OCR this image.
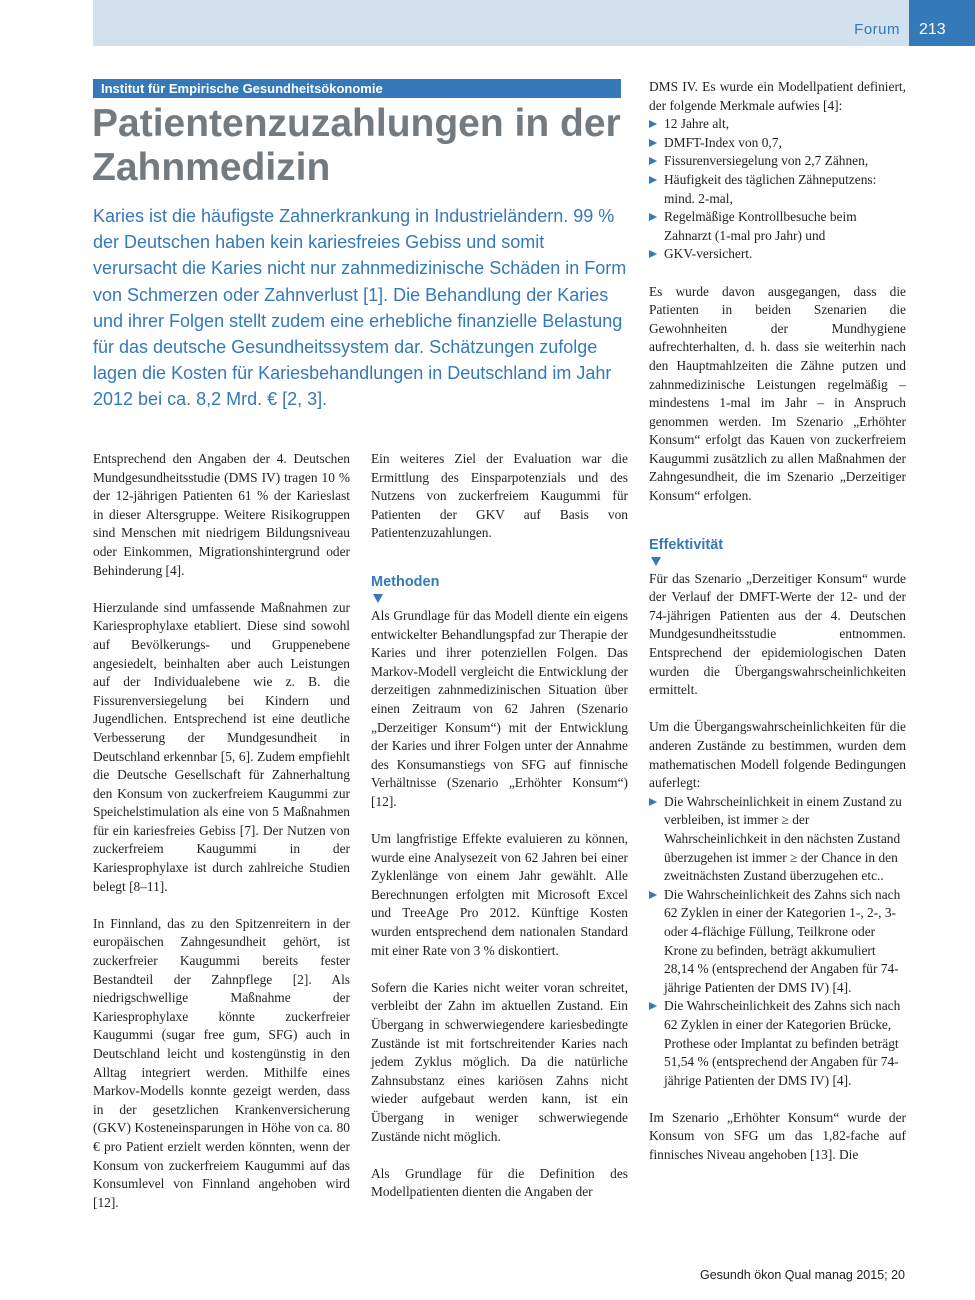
Forum	213
Institut für Empirische Gesundheitsökonomie
Patientenzuzahlungen in der
Zahnmedizin

Karies ist die häufigste Zahnerkrankung in Industrieländern. 99 % der Deutschen haben kein kariesfreies Gebiss und somit verursacht die Karies nicht nur zahnmedizinische Schäden in Form von Schmerzen oder Zahnverlust [1]. Die Behandlung der Karies und ihrer Folgen stellt zudem eine erhebliche finanzielle Belastung für das deutsche Gesundheitssystem dar. Schätzungen zufolge lagen die Kosten für Kariesbehandlungen in Deutschland im Jahr 2012 bei ca. 8,2 Mrd. € [2, 3].

Entsprechend den Angaben der 4. Deutschen Mundgesundheitsstudie (DMS IV) tragen 10 % der 12-jährigen Patienten 61 % der Karieslast in dieser Altersgruppe. Weitere Risikogruppen sind Menschen mit niedrigem Bildungsniveau oder Einkommen, Migrationshintergrund oder Behinderung [4].

Hierzulande sind umfassende Maßnahmen zur Kariesprophylaxe etabliert. Diese sind sowohl auf Bevölkerungs- und Gruppenebene angesiedelt, beinhalten aber auch Leistungen auf der Individualebene wie z. B. die Fissurenversiegelung bei Kindern und Jugendlichen. Entsprechend ist eine deutliche Verbesserung der Mundgesundheit in Deutschland erkennbar [5, 6]. Zudem empfiehlt die Deutsche Gesellschaft für Zahnerhaltung den Konsum von zuckerfreiem Kaugummi zur Speichelstimulation als eine von 5 Maßnahmen für ein kariesfreies Gebiss [7]. Der Nutzen von zuckerfreiem Kaugummi in der Kariesprophylaxe ist durch zahlreiche Studien belegt [8–11].

In Finnland, das zu den Spitzenreitern in der europäischen Zahngesundheit gehört, ist zuckerfreier Kaugummi bereits fester Bestandteil der Zahnpflege [2]. Als niedrigschwellige Maßnahme der Kariesprophylaxe könnte zuckerfreier Kaugummi (sugar free gum, SFG) auch in Deutschland leicht und kostengünstig in den Alltag integriert werden. Mithilfe eines Markov-Modells konnte gezeigt werden, dass in der gesetzlichen Krankenversicherung (GKV) Kosteneinsparungen in Höhe von ca. 80 € pro Patient erzielt werden könnten, wenn der Konsum von zuckerfreiem Kaugummi auf das Konsumlevel von Finnland angehoben wird [12].

Ein weiteres Ziel der Evaluation war die Ermittlung des Einsparpotenzials und des Nutzens von zuckerfreiem Kaugummi für Patienten der GKV auf Basis von Patientenzuzahlungen.

Methoden

Als Grundlage für das Modell diente ein eigens entwickelter Behandlungspfad zur Therapie der Karies und ihrer potenziellen Folgen. Das Markov-Modell vergleicht die Entwicklung der derzeitigen zahnmedizinischen Situation über einen Zeitraum von 62 Jahren (Szenario „Derzeitiger Konsum“) mit der Entwicklung der Karies und ihrer Folgen unter der Annahme des Konsumanstiegs von SFG auf finnische Verhältnisse (Szenario „Erhöhter Konsum“) [12].

Um langfristige Effekte evaluieren zu können, wurde eine Analysezeit von 62 Jahren bei einer Zyklenlänge von einem Jahr gewählt. Alle Berechnungen erfolgten mit Microsoft Excel und TreeAge Pro 2012. Künftige Kosten wurden entsprechend dem nationalen Standard mit einer Rate von 3 % diskontiert.

Sofern die Karies nicht weiter voran schreitet, verbleibt der Zahn im aktuellen Zustand. Ein Übergang in schwerwiegendere kariesbedingte Zustände ist mit fortschreitender Karies nach jedem Zyklus möglich. Da die natürliche Zahnsubstanz eines kariösen Zahns nicht wieder aufgebaut werden kann, ist ein Übergang in weniger schwerwiegende Zustände nicht möglich.

Als Grundlage für die Definition des Modellpatienten dienten die Angaben der

DMS IV. Es wurde ein Modellpatient definiert, der folgende Merkmale aufwies [4]:

12 Jahre alt,
DMFT-Index von 0,7,
Fissurenversiegelung von 2,7 Zähnen,
Häufigkeit des täglichen Zähneputzens: mind. 2-mal,
Regelmäßige Kontrollbesuche beim Zahnarzt (1-mal pro Jahr) und
GKV-versichert.

Es wurde davon ausgegangen, dass die Patienten in beiden Szenarien die Gewohnheiten der Mundhygiene aufrechterhalten, d. h. dass sie weiterhin nach den Hauptmahlzeiten die Zähne putzen und zahnmedizinische Leistungen regelmäßig – mindestens 1-mal im Jahr – in Anspruch genommen werden. Im Szenario „Erhöhter Konsum“ erfolgt das Kauen von zuckerfreiem Kaugummi zusätzlich zu allen Maßnahmen der Zahngesundheit, die im Szenario „Derzeitiger Konsum“ erfolgen.

Effektivität

Für das Szenario „Derzeitiger Konsum“ wurde der Verlauf der DMFT-Werte der 12- und der 74-jährigen Patienten aus der 4. Deutschen Mundgesundheitsstudie entnommen. Entsprechend der epidemiologischen Daten wurden die Übergangswahrscheinlichkeiten ermittelt.

Um die Übergangswahrscheinlichkeiten für die anderen Zustände zu bestimmen, wurden dem mathematischen Modell folgende Bedingungen auferlegt:

Die Wahrscheinlichkeit in einem Zustand zu verbleiben, ist immer ≥ der Wahrscheinlichkeit in den nächsten Zustand überzugehen ist immer ≥ der Chance in den zweitnächsten Zustand überzugehen etc..
Die Wahrscheinlichkeit des Zahns sich nach 62 Zyklen in einer der Kategorien 1-, 2-, 3- oder 4-flächige Füllung, Teilkrone oder Krone zu befinden, beträgt akkumuliert 28,14 % (entsprechend der Angaben für 74-jährige Patienten der DMS IV) [4].
Die Wahrscheinlichkeit des Zahns sich nach 62 Zyklen in einer der Kategorien Brücke, Prothese oder Implantat zu befinden beträgt 51,54 % (entsprechend der Angaben für 74-jährige Patienten der DMS IV) [4].

Im Szenario „Erhöhter Konsum“ wurde der Konsum von SFG um das 1,82-fache auf finnisches Niveau angehoben [13]. Die

Gesundh ökon Qual manag 2015; 20
